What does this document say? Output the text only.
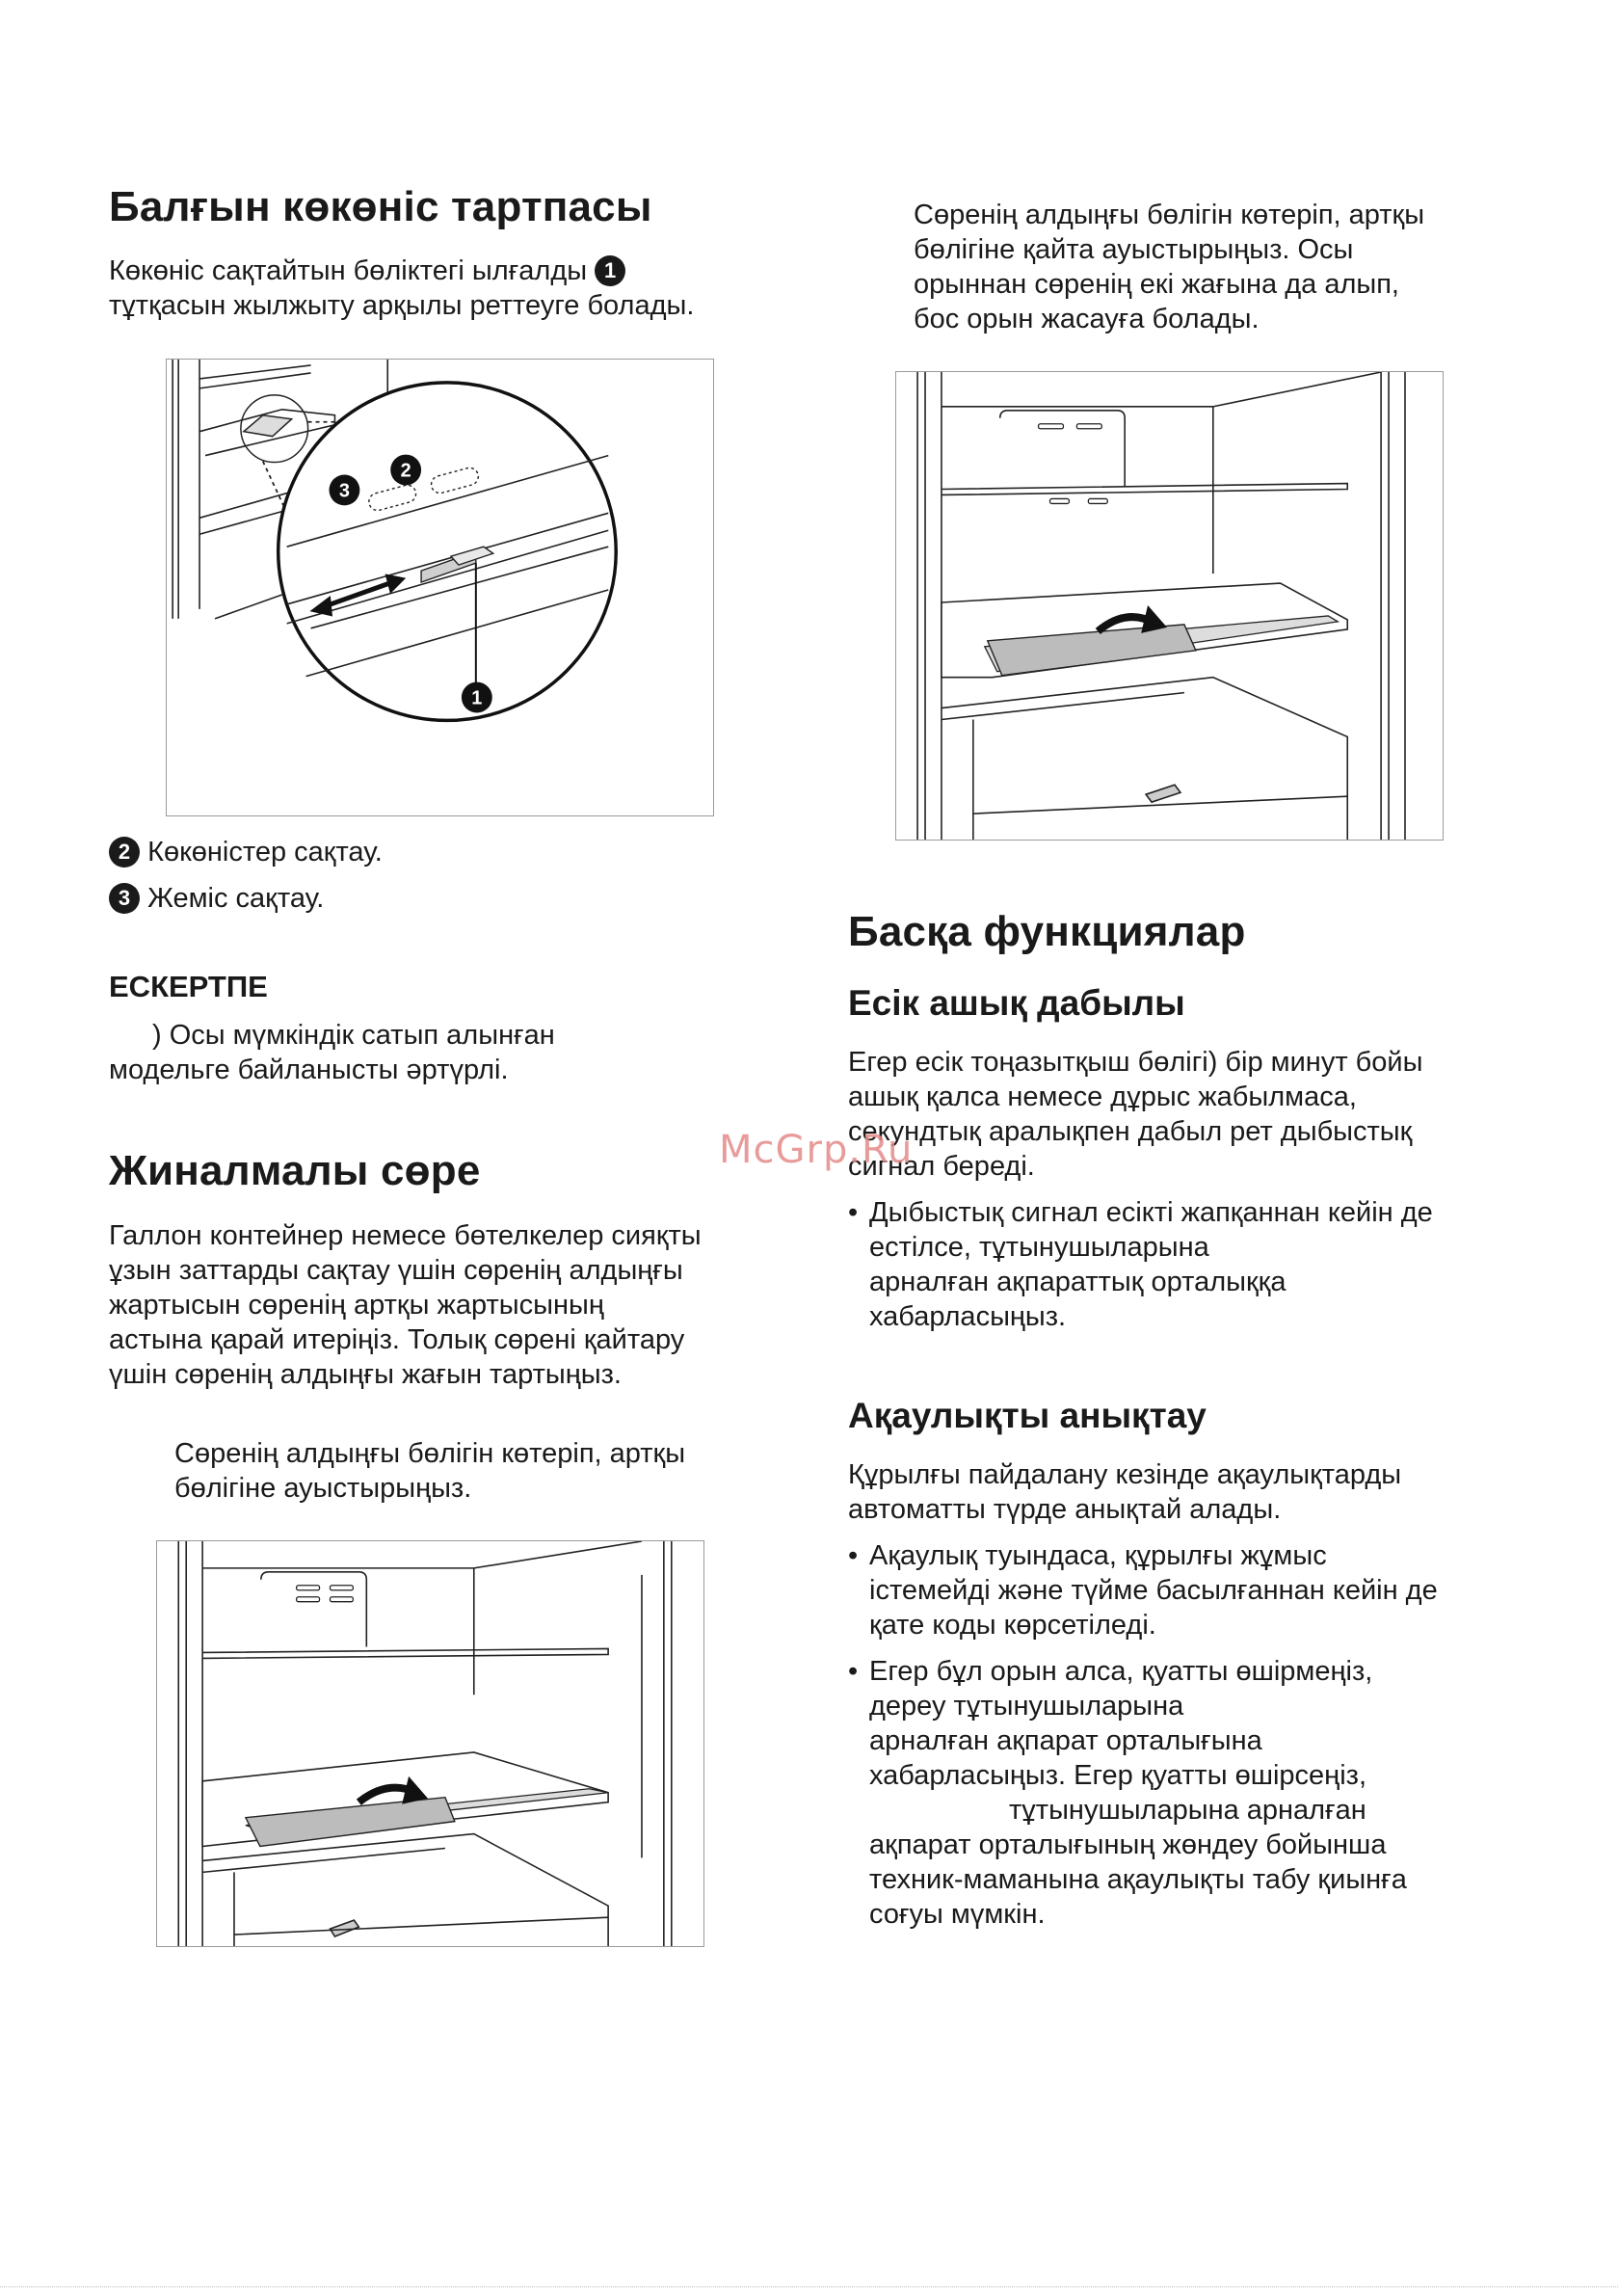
Балғын көкөніс тартпасы
Көкөніс сақтайтын бөліктегі ылғалды 1
тұтқасын жылжыту арқылы реттеуге болады.
3
2
1
2 Көкөністер сақтау.
3 Жеміс сақтау.
ЕСКЕРТПЕ
) Осы мүмкіндік сатып алынған
модельге байланысты әртүрлі.
Жиналмалы сөре
Галлон контейнер немесе бөтелкелер сияқты
ұзын заттарды сақтау үшін сөренің алдыңғы
жартысын сөренің артқы жартысының
астына қарай итеріңіз. Толық сөрені қайтару
үшін сөренің алдыңғы жағын тартыңыз.
Сөренің алдыңғы бөлігін көтеріп, артқы
бөлігіне ауыстырыңыз.
Сөренің алдыңғы бөлігін көтеріп, артқы
бөлігіне қайта ауыстырыңыз. Осы
орыннан сөренің екі жағына да алып,
бос орын жасауға болады.
Басқа функциялар
Есік ашық дабылы
Егер есік тоңазытқыш бөлігі) бір минут бойы
ашық қалса немесе дұрыс жабылмаса,
секундтық аралықпен дабыл рет дыбыстық
сигнал береді.
• Дыбыстық сигнал есікті жапқаннан кейін де
естілсе, тұтынушыларына
арналған ақпараттық орталыққа
хабарласыңыз.
Ақаулықты анықтау
Құрылғы пайдалану кезінде ақаулықтарды
автоматты түрде анықтай алады.
• Ақаулық туындаса, құрылғы жұмыс
істемейді және түйме басылғаннан кейін де
қате коды көрсетіледі.
• Егер бұл орын алса, қуатты өшірмеңіз,
дереу тұтынушыларына
арналған ақпарат орталығына
хабарласыңыз. Егер қуатты өшірсеңіз,
тұтынушыларына арналған
ақпарат орталығының жөндеу бойынша
техник-маманына ақаулықты табу қиынға
соғуы мүмкін.
McGrp.Ru
